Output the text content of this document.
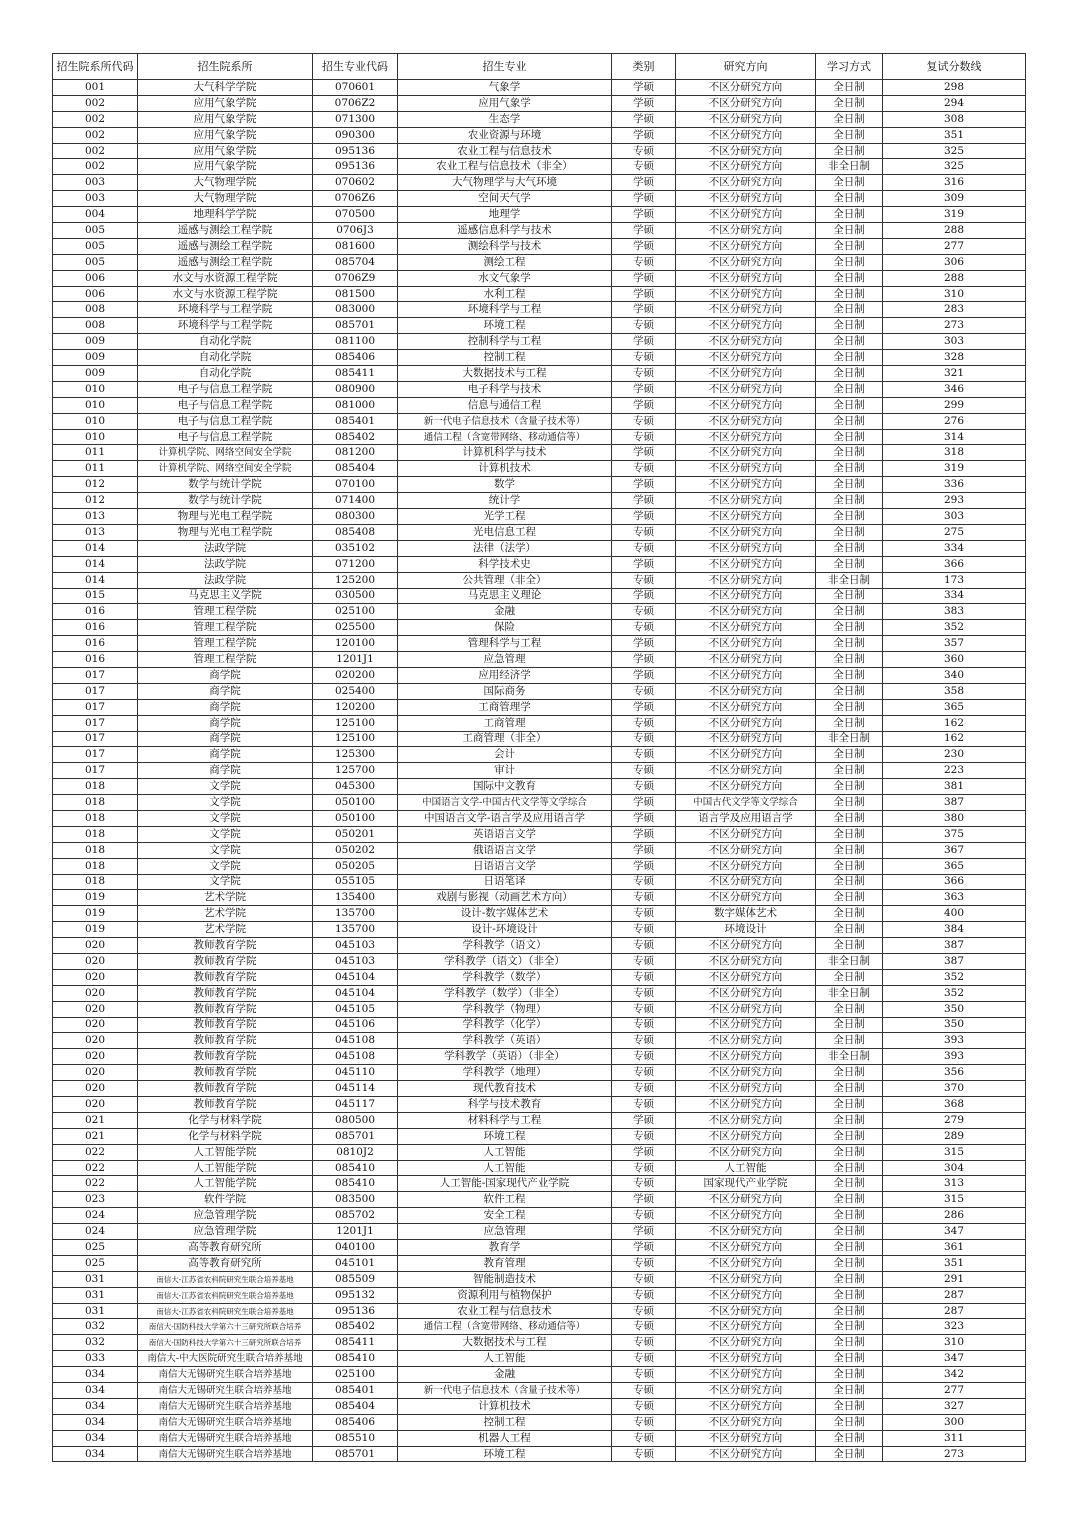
招生院系所代码	招生院系所	招生专业代码	招生专业	类别	研究方向	学习方式	复试分数线
001	大气科学学院	070601	气象学	学硕	不区分研究方向	全日制	298
002	应用气象学院	0706Z2	应用气象学	学硕	不区分研究方向	全日制	294
002	应用气象学院	071300	生态学	学硕	不区分研究方向	全日制	308
002	应用气象学院	090300	农业资源与环境	学硕	不区分研究方向	全日制	351
002	应用气象学院	095136	农业工程与信息技术	专硕	不区分研究方向	全日制	325
002	应用气象学院	095136	农业工程与信息技术（非全）	专硕	不区分研究方向	非全日制	325
003	大气物理学院	070602	大气物理学与大气环境	学硕	不区分研究方向	全日制	316
003	大气物理学院	0706Z6	空间天气学	学硕	不区分研究方向	全日制	309
004	地理科学学院	070500	地理学	学硕	不区分研究方向	全日制	319
005	遥感与测绘工程学院	0706J3	遥感信息科学与技术	学硕	不区分研究方向	全日制	288
005	遥感与测绘工程学院	081600	测绘科学与技术	学硕	不区分研究方向	全日制	277
005	遥感与测绘工程学院	085704	测绘工程	专硕	不区分研究方向	全日制	306
006	水文与水资源工程学院	0706Z9	水文气象学	学硕	不区分研究方向	全日制	288
006	水文与水资源工程学院	081500	水利工程	学硕	不区分研究方向	全日制	310
008	环境科学与工程学院	083000	环境科学与工程	学硕	不区分研究方向	全日制	283
008	环境科学与工程学院	085701	环境工程	专硕	不区分研究方向	全日制	273
009	自动化学院	081100	控制科学与工程	学硕	不区分研究方向	全日制	303
009	自动化学院	085406	控制工程	专硕	不区分研究方向	全日制	328
009	自动化学院	085411	大数据技术与工程	专硕	不区分研究方向	全日制	321
010	电子与信息工程学院	080900	电子科学与技术	学硕	不区分研究方向	全日制	346
010	电子与信息工程学院	081000	信息与通信工程	学硕	不区分研究方向	全日制	299
010	电子与信息工程学院	085401	新一代电子信息技术（含量子技术等）	专硕	不区分研究方向	全日制	276
010	电子与信息工程学院	085402	通信工程（含宽带网络、移动通信等）	专硕	不区分研究方向	全日制	314
011	计算机学院、网络空间安全学院	081200	计算机科学与技术	学硕	不区分研究方向	全日制	318
011	计算机学院、网络空间安全学院	085404	计算机技术	专硕	不区分研究方向	全日制	319
012	数学与统计学院	070100	数学	学硕	不区分研究方向	全日制	336
012	数学与统计学院	071400	统计学	学硕	不区分研究方向	全日制	293
013	物理与光电工程学院	080300	光学工程	学硕	不区分研究方向	全日制	303
013	物理与光电工程学院	085408	光电信息工程	专硕	不区分研究方向	全日制	275
014	法政学院	035102	法律（法学）	专硕	不区分研究方向	全日制	334
014	法政学院	071200	科学技术史	学硕	不区分研究方向	全日制	366
014	法政学院	125200	公共管理（非全）	专硕	不区分研究方向	非全日制	173
015	马克思主义学院	030500	马克思主义理论	学硕	不区分研究方向	全日制	334
016	管理工程学院	025100	金融	专硕	不区分研究方向	全日制	383
016	管理工程学院	025500	保险	专硕	不区分研究方向	全日制	352
016	管理工程学院	120100	管理科学与工程	学硕	不区分研究方向	全日制	357
016	管理工程学院	1201J1	应急管理	学硕	不区分研究方向	全日制	360
017	商学院	020200	应用经济学	学硕	不区分研究方向	全日制	340
017	商学院	025400	国际商务	专硕	不区分研究方向	全日制	358
017	商学院	120200	工商管理学	学硕	不区分研究方向	全日制	365
017	商学院	125100	工商管理	专硕	不区分研究方向	全日制	162
017	商学院	125100	工商管理（非全）	专硕	不区分研究方向	非全日制	162
017	商学院	125300	会计	专硕	不区分研究方向	全日制	230
017	商学院	125700	审计	专硕	不区分研究方向	全日制	223
018	文学院	045300	国际中文教育	专硕	不区分研究方向	全日制	381
018	文学院	050100	中国语言文学-中国古代文学等文学综合	学硕	中国古代文学等文学综合	全日制	387
018	文学院	050100	中国语言文学-语言学及应用语言学	学硕	语言学及应用语言学	全日制	380
018	文学院	050201	英语语言文学	学硕	不区分研究方向	全日制	375
018	文学院	050202	俄语语言文学	学硕	不区分研究方向	全日制	367
018	文学院	050205	日语语言文学	学硕	不区分研究方向	全日制	365
018	文学院	055105	日语笔译	专硕	不区分研究方向	全日制	366
019	艺术学院	135400	戏剧与影视（动画艺术方向）	专硕	不区分研究方向	全日制	363
019	艺术学院	135700	设计-数字媒体艺术	专硕	数字媒体艺术	全日制	400
019	艺术学院	135700	设计-环境设计	专硕	环境设计	全日制	384
020	教师教育学院	045103	学科教学（语文）	专硕	不区分研究方向	全日制	387
020	教师教育学院	045103	学科教学（语文）（非全）	专硕	不区分研究方向	非全日制	387
020	教师教育学院	045104	学科教学（数学）	专硕	不区分研究方向	全日制	352
020	教师教育学院	045104	学科教学（数学）（非全）	专硕	不区分研究方向	非全日制	352
020	教师教育学院	045105	学科教学（物理）	专硕	不区分研究方向	全日制	350
020	教师教育学院	045106	学科教学（化学）	专硕	不区分研究方向	全日制	350
020	教师教育学院	045108	学科教学（英语）	专硕	不区分研究方向	全日制	393
020	教师教育学院	045108	学科教学（英语）（非全）	专硕	不区分研究方向	非全日制	393
020	教师教育学院	045110	学科教学（地理）	专硕	不区分研究方向	全日制	356
020	教师教育学院	045114	现代教育技术	专硕	不区分研究方向	全日制	370
020	教师教育学院	045117	科学与技术教育	专硕	不区分研究方向	全日制	368
021	化学与材料学院	080500	材料科学与工程	学硕	不区分研究方向	全日制	279
021	化学与材料学院	085701	环境工程	专硕	不区分研究方向	全日制	289
022	人工智能学院	0810J2	人工智能	学硕	不区分研究方向	全日制	315
022	人工智能学院	085410	人工智能	专硕	人工智能	全日制	304
022	人工智能学院	085410	人工智能-国家现代产业学院	专硕	国家现代产业学院	全日制	313
023	软件学院	083500	软件工程	学硕	不区分研究方向	全日制	315
024	应急管理学院	085702	安全工程	专硕	不区分研究方向	全日制	286
024	应急管理学院	1201J1	应急管理	学硕	不区分研究方向	全日制	347
025	高等教育研究所	040100	教育学	学硕	不区分研究方向	全日制	361
025	高等教育研究所	045101	教育管理	专硕	不区分研究方向	全日制	351
031	南信大-江苏省农科院研究生联合培养基地	085509	智能制造技术	专硕	不区分研究方向	全日制	291
031	南信大-江苏省农科院研究生联合培养基地	095132	资源利用与植物保护	专硕	不区分研究方向	全日制	287
031	南信大-江苏省农科院研究生联合培养基地	095136	农业工程与信息技术	专硕	不区分研究方向	全日制	287
032	南信大-国防科技大学第六十三研究所联合培养	085402	通信工程（含宽带网络、移动通信等）	专硕	不区分研究方向	全日制	323
032	南信大-国防科技大学第六十三研究所联合培养	085411	大数据技术与工程	专硕	不区分研究方向	全日制	310
033	南信大-中大医院研究生联合培养基地	085410	人工智能	专硕	不区分研究方向	全日制	347
034	南信大无锡研究生联合培养基地	025100	金融	专硕	不区分研究方向	全日制	342
034	南信大无锡研究生联合培养基地	085401	新一代电子信息技术（含量子技术等）	专硕	不区分研究方向	全日制	277
034	南信大无锡研究生联合培养基地	085404	计算机技术	专硕	不区分研究方向	全日制	327
034	南信大无锡研究生联合培养基地	085406	控制工程	专硕	不区分研究方向	全日制	300
034	南信大无锡研究生联合培养基地	085510	机器人工程	专硕	不区分研究方向	全日制	311
034	南信大无锡研究生联合培养基地	085701	环境工程	专硕	不区分研究方向	全日制	273
